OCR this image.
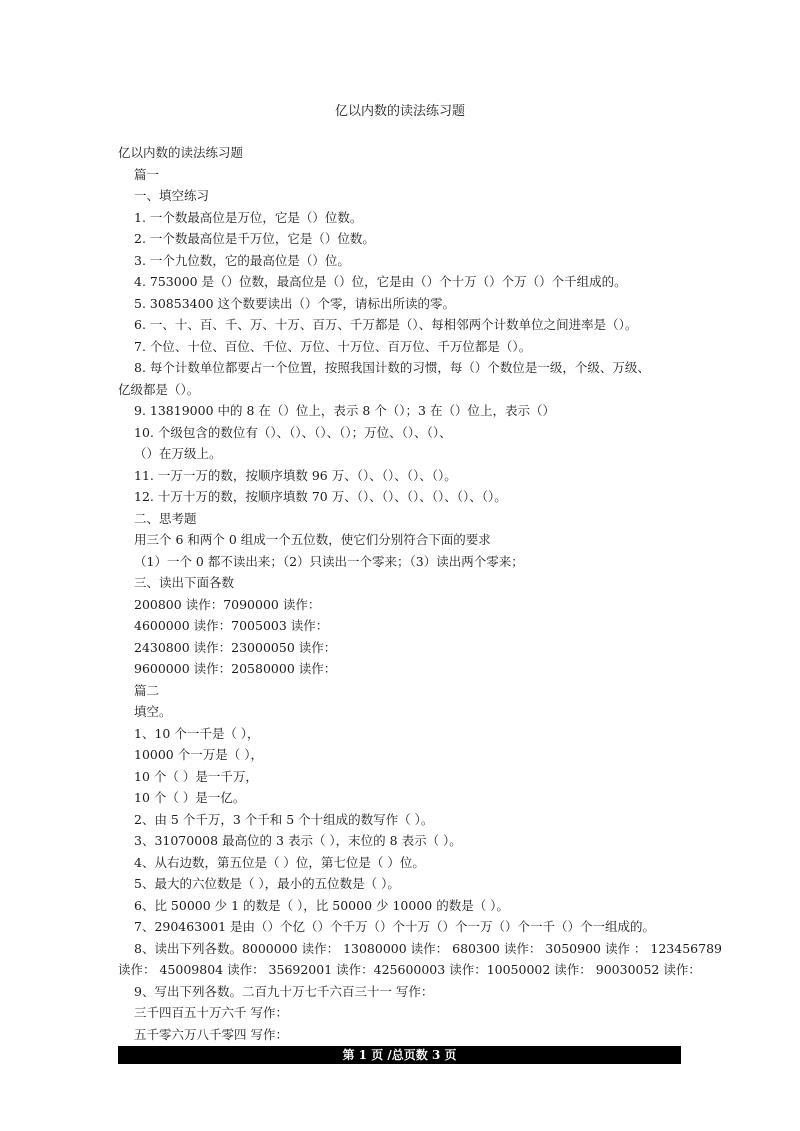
亿以内数的读法练习题
亿以内数的读法练习题
篇一
一、填空练习
1. 一个数最高位是万位，它是（）位数。
2. 一个数最高位是千万位，它是（）位数。
3. 一个九位数，它的最高位是（）位。
4. 753000 是（）位数，最高位是（）位，它是由（）个十万（）个万（）个千组成的。
5. 30853400 这个数要读出（）个零，请标出所读的零。
6. 一、十、百、千、万、十万、百万、千万都是（）、每相邻两个计数单位之间进率是（）。
7. 个位、十位、百位、千位、万位、十万位、百万位、千万位都是（）。
8. 每个计数单位都要占一个位置，按照我国计数的习惯，每（）个数位是一级，个级、万级、
亿级都是（）。
9. 13819000 中的 8 在（）位上，表示 8 个（）；3 在（）位上，表示（）
10. 个级包含的数位有（）、（）、（）、（）；万位、（）、（）、
（）在万级上。
11. 一万一万的数，按顺序填数 96 万、（）、（）、（）、（）。
12. 十万十万的数，按顺序填数 70 万、（）、（）、（）、（）、（）、（）。
二、思考题
用三个 6 和两个 0 组成一个五位数，使它们分别符合下面的要求
（1）一个 0 都不读出来；（2）只读出一个零来；（3）读出两个零来；
三、读出下面各数
200800 读作：7090000 读作：
4600000 读作：7005003 读作：
2430800 读作：23000050 读作：
9600000 读作：20580000 读作：
篇二
填空。
1、10 个一千是（ ），
10000 个一万是（ ），
10 个（ ）是一千万，
10 个（ ）是一亿。
2、由 5 个千万，3 个千和 5 个十组成的数写作（ ）。
3、31070008 最高位的 3 表示（ ），末位的 8 表示（ ）。
4、从右边数，第五位是（ ）位，第七位是（ ）位。
5、最大的六位数是（ ），最小的五位数是（ ）。
6、比 50000 少 1 的数是（ ），比 50000 少 10000 的数是（ ）。
7、290463001 是由（）个亿（）个千万（）个十万（）个一万（）个一千（）个一组成的。
8、读出下列各数。8000000 读作： 13080000 读作： 680300 读作： 3050900 读作 ： 123456789
读作： 45009804 读作： 35692001 读作：425600003 读作：10050002 读作： 90030052 读作：
9、写出下列各数。二百九十万七千六百三十一 写作：
三千四百五十万六千 写作：
五千零六万八千零四 写作：
第 1 页 /总页数 3 页
